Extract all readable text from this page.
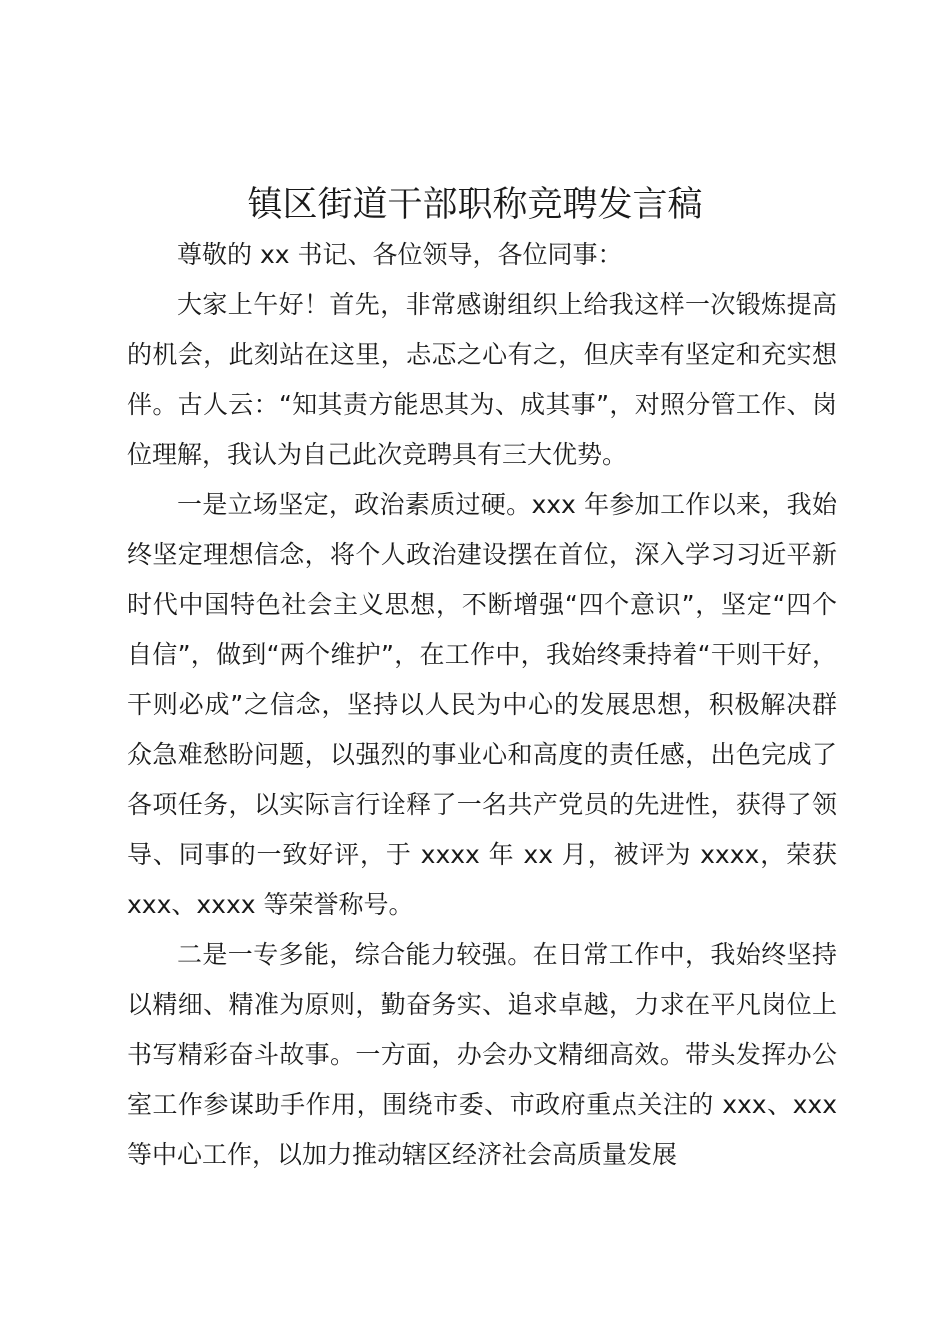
镇区街道干部职称竞聘发言稿

尊敬的 xx 书记、各位领导，各位同事：

大家上午好！首先，非常感谢组织上给我这样一次锻炼提高的机会，此刻站在这里，忐忑之心有之，但庆幸有坚定和充实想伴。古人云：“知其责方能思其为、成其事”，对照分管工作、岗位理解，我认为自己此次竞聘具有三大优势。

一是立场坚定，政治素质过硬。xxx 年参加工作以来，我始终坚定理想信念，将个人政治建设摆在首位，深入学习习近平新时代中国特色社会主义思想，不断增强“四个意识”，坚定“四个自信”，做到“两个维护”，在工作中，我始终秉持着“干则干好，干则必成”之信念，坚持以人民为中心的发展思想，积极解决群众急难愁盼问题，以强烈的事业心和高度的责任感，出色完成了各项任务，以实际言行诠释了一名共产党员的先进性，获得了领导、同事的一致好评，于 xxxx 年 xx 月，被评为 xxxx，荣获 xxx、xxxx 等荣誉称号。

二是一专多能，综合能力较强。在日常工作中，我始终坚持以精细、精准为原则，勤奋务实、追求卓越，力求在平凡岗位上书写精彩奋斗故事。一方面，办会办文精细高效。带头发挥办公室工作参谋助手作用，围绕市委、市政府重点关注的 xxx、xxx 等中心工作，以加力推动辖区经济社会高质量发展
